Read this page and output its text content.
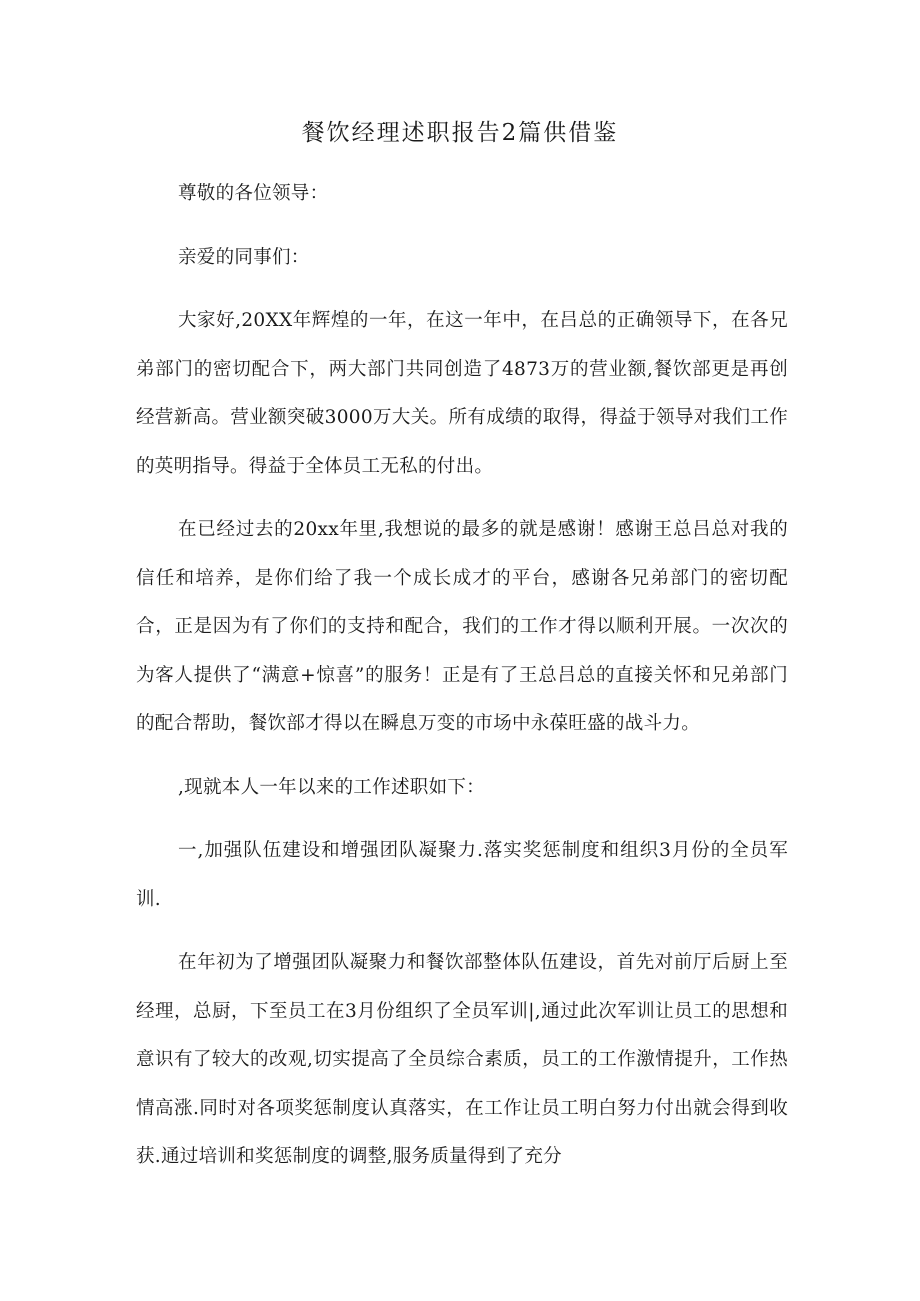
餐饮经理述职报告2篇供借鉴

尊敬的各位领导：

亲爱的同事们：

大家好,20XX年辉煌的一年，在这一年中，在吕总的正确领导下，在各兄弟部门的密切配合下，两大部门共同创造了4873万的营业额,餐饮部更是再创经营新高。营业额突破3000万大关。所有成绩的取得，得益于领导对我们工作的英明指导。得益于全体员工无私的付出。

在已经过去的20xx年里,我想说的最多的就是感谢！感谢王总吕总对我的信任和培养，是你们给了我一个成长成才的平台，感谢各兄弟部门的密切配合，正是因为有了你们的支持和配合，我们的工作才得以顺利开展。一次次的为客人提供了“满意+惊喜”的服务！正是有了王总吕总的直接关怀和兄弟部门的配合帮助，餐饮部才得以在瞬息万变的市场中永葆旺盛的战斗力。

,现就本人一年以来的工作述职如下：

一,加强队伍建设和增强团队凝聚力.落实奖惩制度和组织3月份的全员军训.

在年初为了增强团队凝聚力和餐饮部整体队伍建设，首先对前厅后厨上至经理，总厨，下至员工在3月份组织了全员军训|,通过此次军训让员工的思想和意识有了较大的改观,切实提高了全员综合素质，员工的工作激情提升，工作热情高涨.同时对各项奖惩制度认真落实，在工作让员工明白努力付出就会得到收获.通过培训和奖惩制度的调整,服务质量得到了充分
